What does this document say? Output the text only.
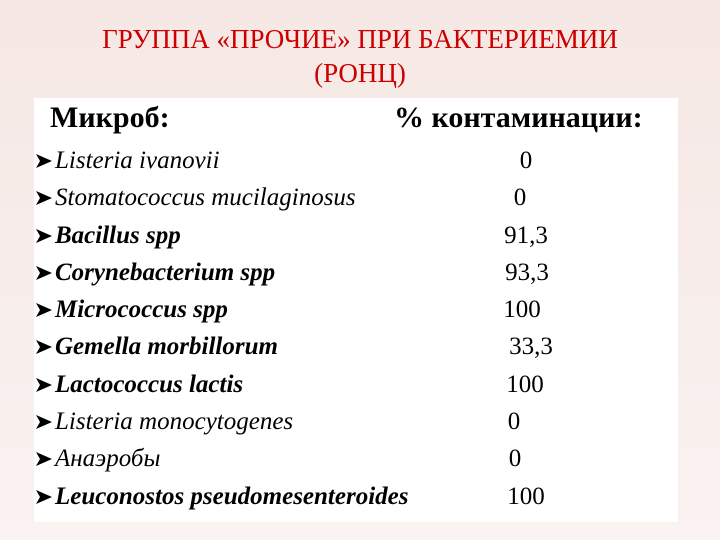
ГРУППА «ПРОЧИЕ» ПРИ БАКТЕРИЕМИИ
(РОНЦ)
Микроб:	% контаминации:
Listeria ivanovii	0
Stomatococcus mucilaginosus	0
Bacillus spp	91,3
Corynebacterium spp	93,3
Micrococcus spp	100
Gemella morbillorum	33,3
Lactococcus lactis	100
Listeria monocytogenes	0
Анаэробы	0
Leuconostos pseudomesenteroides	100
